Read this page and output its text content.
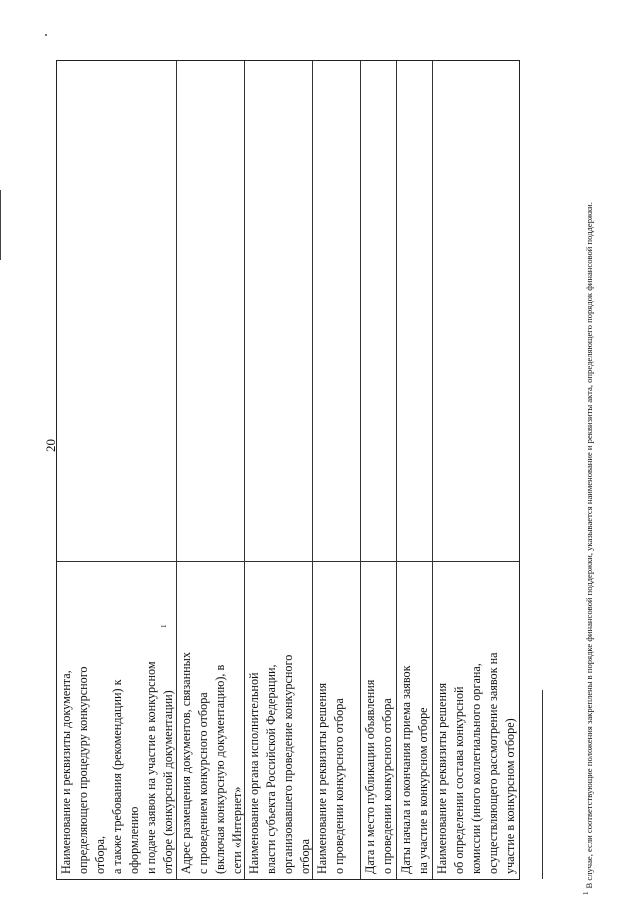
20
Наименование и реквизиты документа,
определяющего процедуру конкурсного
отбора,
а также требования (рекомендации) к
оформлению
и подаче заявок на участие в конкурсном
отборе (конкурсной документации)
Адрес размещения документов, связанных
с проведением конкурсного отбора
(включая конкурсную документацию), в
сети «Интернет» Наименование органа исполнительной
власти субъекта Российской Федерации,
организовавшего проведение конкурсного
отбора Наименование и реквизиты решения
о проведении конкурсного отбора
Дата и место публикации объявления
о проведении конкурсного отбора
Даты начала и окончания приема заявок
на участие в конкурсном отборе
Наименование и реквизиты решения
об определении состава конкурсной
комиссии (иного коллегиального органа,
осуществляющего рассмотрение заявок на
участие в конкурсном отборе)
1
$^1$В случае, если соответствующие положения закреплены в порядке финансовой поддержки, указывается наименование и реквизиты акта, определяющего порядок финансовой поддержки.
